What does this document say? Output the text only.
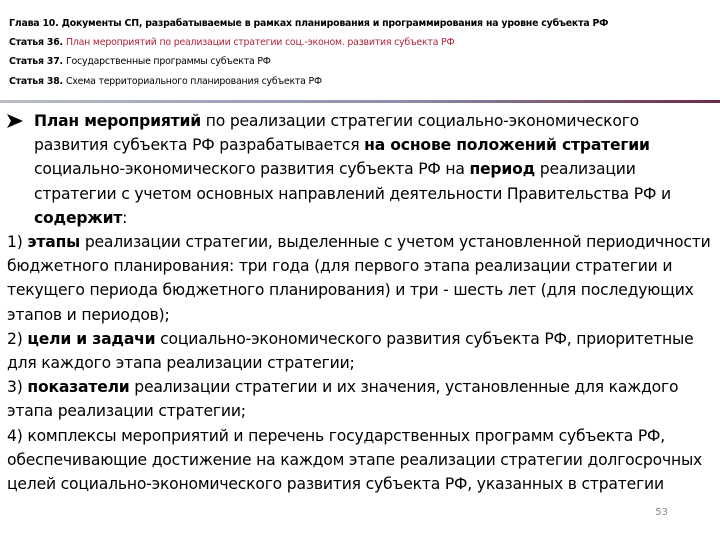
Глава 10. Документы СП, разрабатываемые в рамках планирования и программирования на уровне субъекта РФ
Статья 36. План мероприятий по реализации стратегии соц.-эконом. развития субъекта РФ
Статья 37. Государственные программы субъекта РФ
Статья 38. Схема территориального планирования субъекта РФ

План мероприятий по реализации стратегии социально-экономического развития субъекта РФ разрабатывается на основе положений стратегии социально-экономического развития субъекта РФ на период реализации стратегии с учетом основных направлений деятельности Правительства РФ и содержит:

1) этапы реализации стратегии, выделенные с учетом установленной периодичности бюджетного планирования: три года (для первого этапа реализации стратегии и текущего периода бюджетного планирования) и три - шесть лет (для последующих этапов и периодов);

2) цели и задачи социально-экономического развития субъекта РФ, приоритетные для каждого этапа реализации стратегии;

3) показатели реализации стратегии и их значения, установленные для каждого этапа реализации стратегии;

4) комплексы мероприятий и перечень государственных программ субъекта РФ, обеспечивающие достижение на каждом этапе реализации стратегии долгосрочных целей социально-экономического развития субъекта РФ, указанных в стратегии

53
